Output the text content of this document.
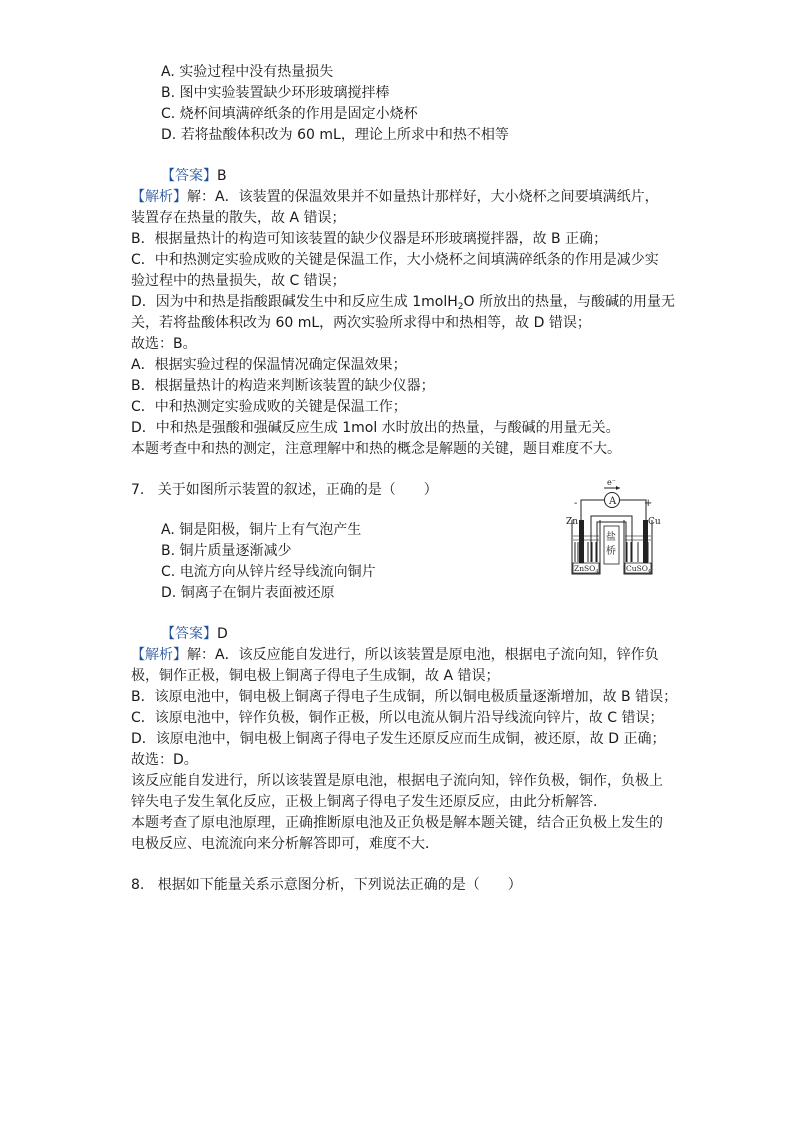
A. 实验过程中没有热量损失
B. 图中实验装置缺少环形玻璃搅拌棒
C. 烧杯间填满碎纸条的作用是固定小烧杯
D. 若将盐酸体积改为 60 mL，理论上所求中和热不相等
【答案】B
【解析】解：A．该装置的保温效果并不如量热计那样好，大小烧杯之间要填满纸片，
装置存在热量的散失，故 A 错误；
B．根据量热计的构造可知该装置的缺少仪器是环形玻璃搅拌器，故 B 正确；
C．中和热测定实验成败的关键是保温工作，大小烧杯之间填满碎纸条的作用是减少实
验过程中的热量损失，故 C 错误；
D．因为中和热是指酸跟碱发生中和反应生成 1molH$_2$O 所放出的热量，与酸碱的用量无
关，若将盐酸体积改为 60 mL，两次实验所求得中和热相等，故 D 错误；
故选：B。
A．根据实验过程的保温情况确定保温效果；
B．根据量热计的构造来判断该装置的缺少仪器；
C．中和热测定实验成败的关键是保温工作；
D．中和热是强酸和强碱反应生成 1mol 水时放出的热量，与酸碱的用量无关。
本题考查中和热的测定，注意理解中和热的概念是解题的关键，题目难度不大。
7. 关于如图所示装置的叙述，正确的是（　　）
A. 铜是阳极，铜片上有气泡产生
B. 铜片质量逐渐减少
C. 电流方向从锌片经导线流向铜片
D. 铜离子在铜片表面被还原
e⁻
A
-	+
Zn	Cu
盐
桥
ZnSO$_4$	CuSO$_4$
【答案】D
【解析】解：A．该反应能自发进行，所以该装置是原电池，根据电子流向知，锌作负
极，铜作正极，铜电极上铜离子得电子生成铜，故 A 错误；
B．该原电池中，铜电极上铜离子得电子生成铜，所以铜电极质量逐渐增加，故 B 错误；
C．该原电池中，锌作负极，铜作正极，所以电流从铜片沿导线流向锌片，故 C 错误；
D．该原电池中，铜电极上铜离子得电子发生还原反应而生成铜，被还原，故 D 正确；
故选：D。
该反应能自发进行，所以该装置是原电池，根据电子流向知，锌作负极，铜作，负极上
锌失电子发生氧化反应，正极上铜离子得电子发生还原反应，由此分析解答．
本题考查了原电池原理，正确推断原电池及正负极是解本题关键，结合正负极上发生的
电极反应、电流流向来分析解答即可，难度不大．
8. 根据如下能量关系示意图分析，下列说法正确的是（　　）
